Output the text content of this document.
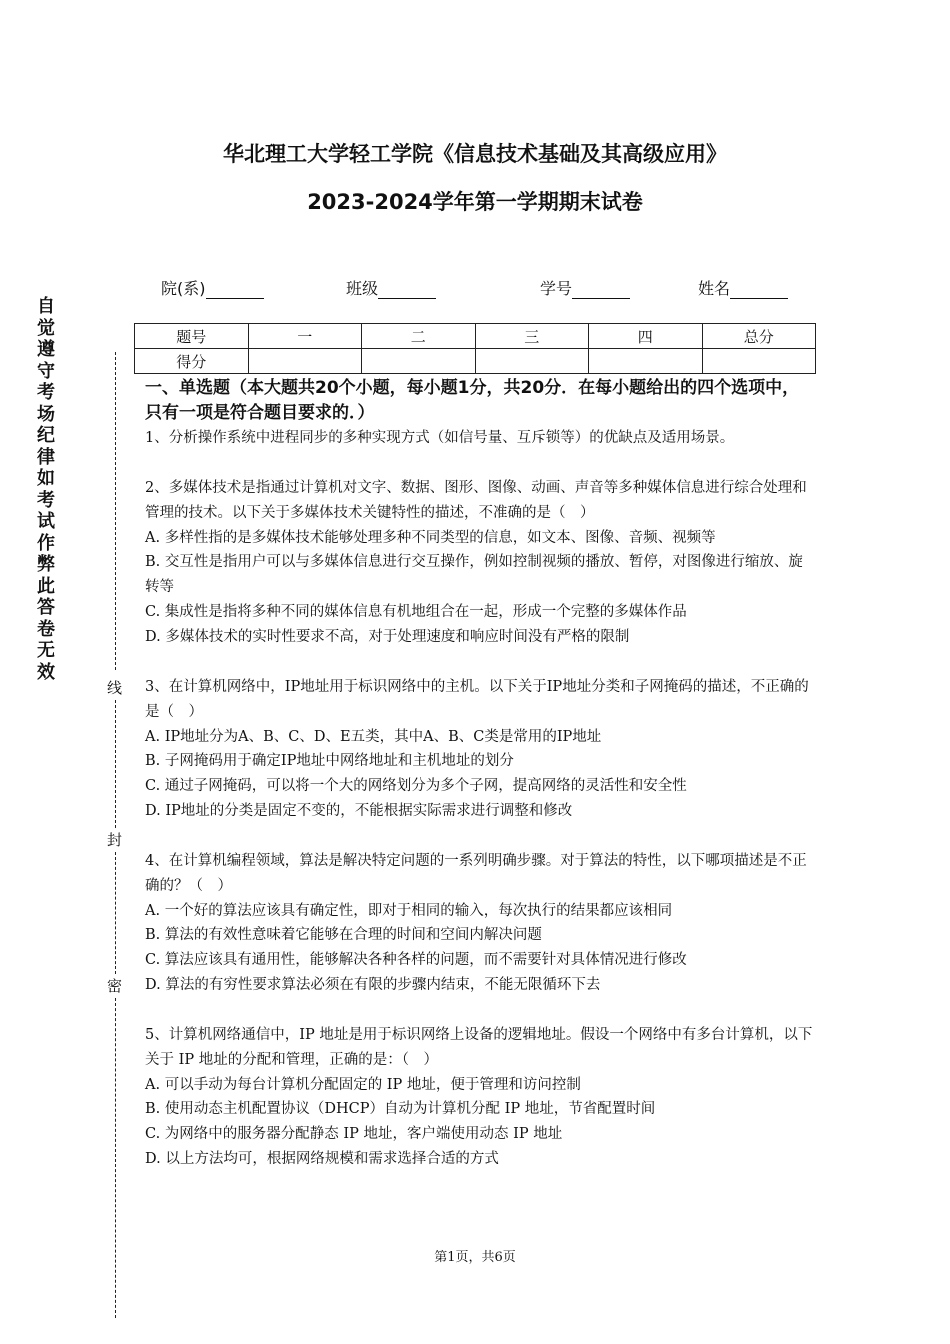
华北理工大学轻工学院《信息技术基础及其高级应用》
2023-2024学年第一学期期末试卷
院(系)	班级	学号	姓名
题号	一	二	三	四	总分
得分					
自觉遵守考场纪律如考试作弊此答卷无效
线
封
密
一、单选题（本大题共20个小题，每小题1分，共20分．在每小题给出的四个选项中，只有一项是符合题目要求的．）

1、分析操作系统中进程同步的多种实现方式（如信号量、互斥锁等）的优缺点及适用场景。

2、多媒体技术是指通过计算机对文字、数据、图形、图像、动画、声音等多种媒体信息进行综合处理和管理的技术。以下关于多媒体技术关键特性的描述，不准确的是（　）

A. 多样性指的是多媒体技术能够处理多种不同类型的信息，如文本、图像、音频、视频等

B. 交互性是指用户可以与多媒体信息进行交互操作，例如控制视频的播放、暂停，对图像进行缩放、旋转等

C. 集成性是指将多种不同的媒体信息有机地组合在一起，形成一个完整的多媒体作品

D. 多媒体技术的实时性要求不高，对于处理速度和响应时间没有严格的限制

3、在计算机网络中，IP地址用于标识网络中的主机。以下关于IP地址分类和子网掩码的描述，不正确的是（　）

A. IP地址分为A、B、C、D、E五类，其中A、B、C类是常用的IP地址

B. 子网掩码用于确定IP地址中网络地址和主机地址的划分

C. 通过子网掩码，可以将一个大的网络划分为多个子网，提高网络的灵活性和安全性

D. IP地址的分类是固定不变的，不能根据实际需求进行调整和修改

4、在计算机编程领域，算法是解决特定问题的一系列明确步骤。对于算法的特性，以下哪项描述是不正确的？（　）

A. 一个好的算法应该具有确定性，即对于相同的输入，每次执行的结果都应该相同

B. 算法的有效性意味着它能够在合理的时间和空间内解决问题

C. 算法应该具有通用性，能够解决各种各样的问题，而不需要针对具体情况进行修改

D. 算法的有穷性要求算法必须在有限的步骤内结束，不能无限循环下去

5、计算机网络通信中，IP 地址是用于标识网络上设备的逻辑地址。假设一个网络中有多台计算机，以下关于 IP 地址的分配和管理，正确的是：（　）

A. 可以手动为每台计算机分配固定的 IP 地址，便于管理和访问控制

B. 使用动态主机配置协议（DHCP）自动为计算机分配 IP 地址，节省配置时间

C. 为网络中的服务器分配静态 IP 地址，客户端使用动态 IP 地址

D. 以上方法均可，根据网络规模和需求选择合适的方式

第1页，共6页
